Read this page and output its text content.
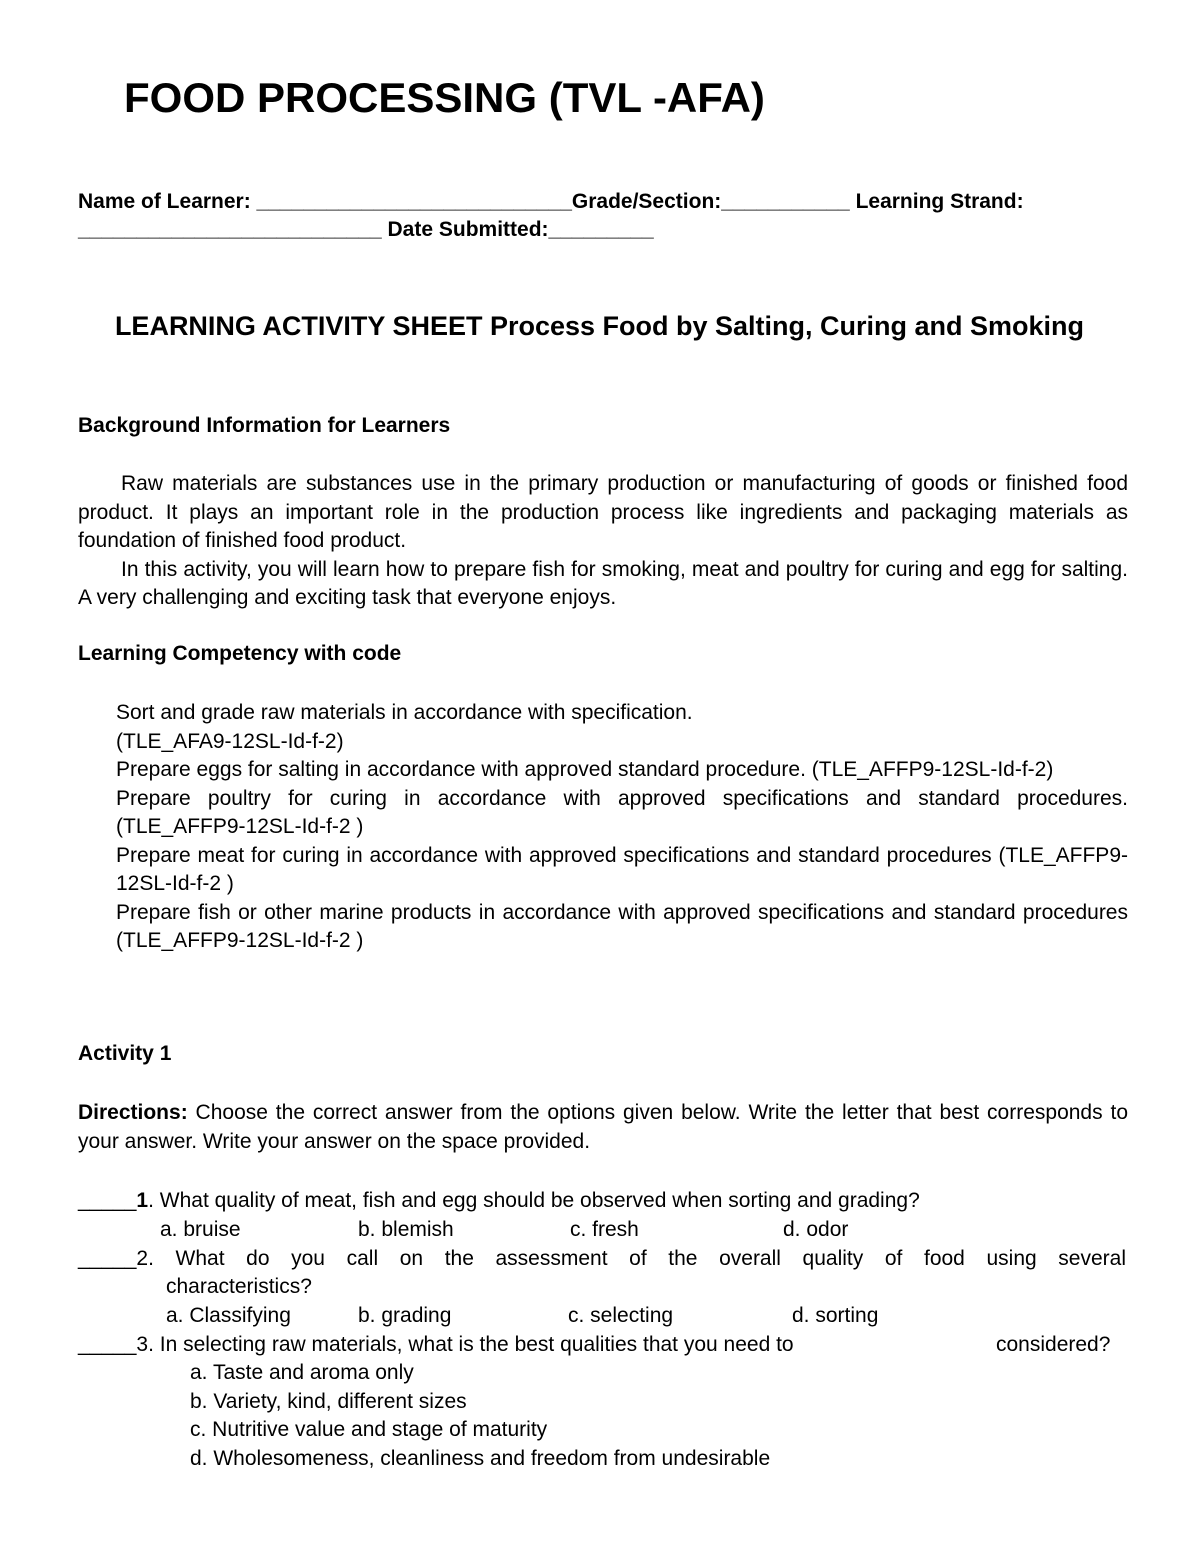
FOOD PROCESSING (TVL -AFA)
Name of Learner: ___________________________Grade/Section:___________ Learning Strand:
__________________________ Date Submitted:_________
LEARNING ACTIVITY SHEET Process Food by Salting, Curing and Smoking
Background Information for Learners

Raw materials are substances use in the primary production or manufacturing of goods or finished food product. It plays an important role in the production process like ingredients and packaging materials as foundation of finished food product.

In this activity, you will learn how to prepare fish for smoking, meat and poultry for curing and egg for salting. A very challenging and exciting task that everyone enjoys.

Learning Competency with code
Sort and grade raw materials in accordance with specification.
(TLE_AFA9-12SL-Id-f-2)
Prepare eggs for salting in accordance with approved standard procedure. (TLE_AFFP9-12SL-Id-f-2)
Prepare poultry for curing in accordance with approved specifications and standard procedures. (TLE_AFFP9-12SL-Id-f-2 )
Prepare meat for curing in accordance with approved specifications and standard procedures (TLE_AFFP9-12SL-Id-f-2 )
Prepare fish or other marine products in accordance with approved specifications and standard procedures (TLE_AFFP9-12SL-Id-f-2 )
Activity 1
Directions: Choose the correct answer from the options given below. Write the letter that best corresponds to your answer. Write your answer on the space provided.
_____1. What quality of meat, fish and egg should be observed when sorting and grading?
a. bruise	b. blemish	c. fresh	d. odor
_____2. What do you call on the assessment of the overall quality of food using several
characteristics?
a. Classifying	b. grading	c. selecting	d. sorting
_____3. In selecting raw materials, what is the best qualities that you need to	considered?
a. Taste and aroma only
b. Variety, kind, different sizes
c. Nutritive value and stage of maturity
d. Wholesomeness, cleanliness and freedom from undesirable
